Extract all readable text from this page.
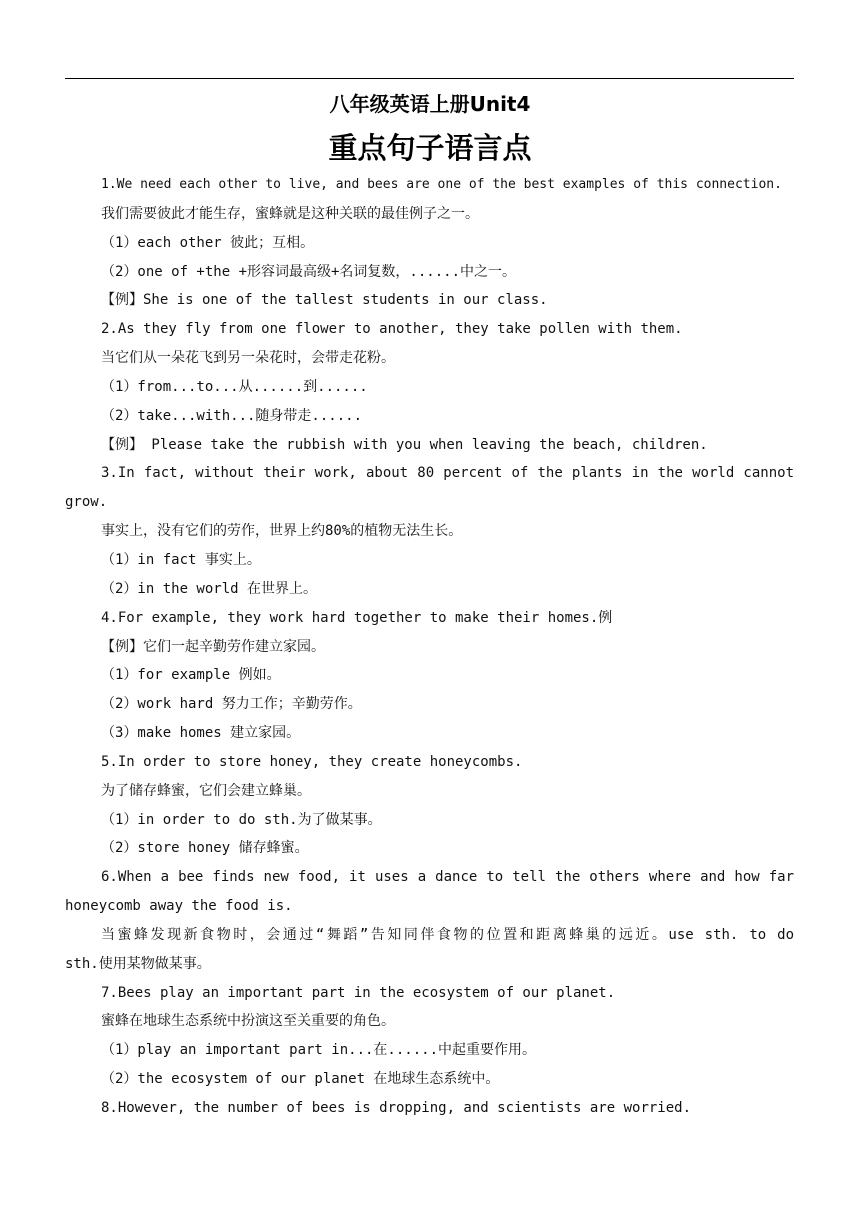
八年级英语上册Unit4
重点句子语言点
1.We need each other to live, and bees are one of the best examples of this connection.
我们需要彼此才能生存，蜜蜂就是这种关联的最佳例子之一。
（1）each other 彼此；互相。
（2）one of +the +形容词最高级+名词复数，......中之一。
【例】She is one of the tallest students in our class.
2.As they fly from one flower to another, they take pollen with them.
当它们从一朵花飞到另一朵花时，会带走花粉。
（1）from...to...从......到......
（2）take...with...随身带走......
【例】 Please take the rubbish with you when leaving the beach, children.
3.In fact, without their work, about 80 percent of the plants in the world cannot
grow.
事实上，没有它们的劳作，世界上约80%的植物无法生长。
（1）in fact 事实上。
（2）in the world 在世界上。
4.For example, they work hard together to make their homes.例
【例】它们一起辛勤劳作建立家园。
（1）for example 例如。
（2）work hard 努力工作；辛勤劳作。
（3）make homes 建立家园。
5.In order to store honey, they create honeycombs.
为了储存蜂蜜，它们会建立蜂巢。
（1）in order to do sth.为了做某事。
（2）store honey 储存蜂蜜。
6.When a bee finds new food, it uses a dance to tell the others where and how far
honeycomb away the food is.
当蜜蜂发现新食物时，会通过“舞蹈”告知同伴食物的位置和距离蜂巢的远近。use sth. to do
sth.使用某物做某事。
7.Bees play an important part in the ecosystem of our planet.
蜜蜂在地球生态系统中扮演这至关重要的角色。
（1）play an important part in...在......中起重要作用。
（2）the ecosystem of our planet 在地球生态系统中。
8.However, the number of bees is dropping, and scientists are worried.
